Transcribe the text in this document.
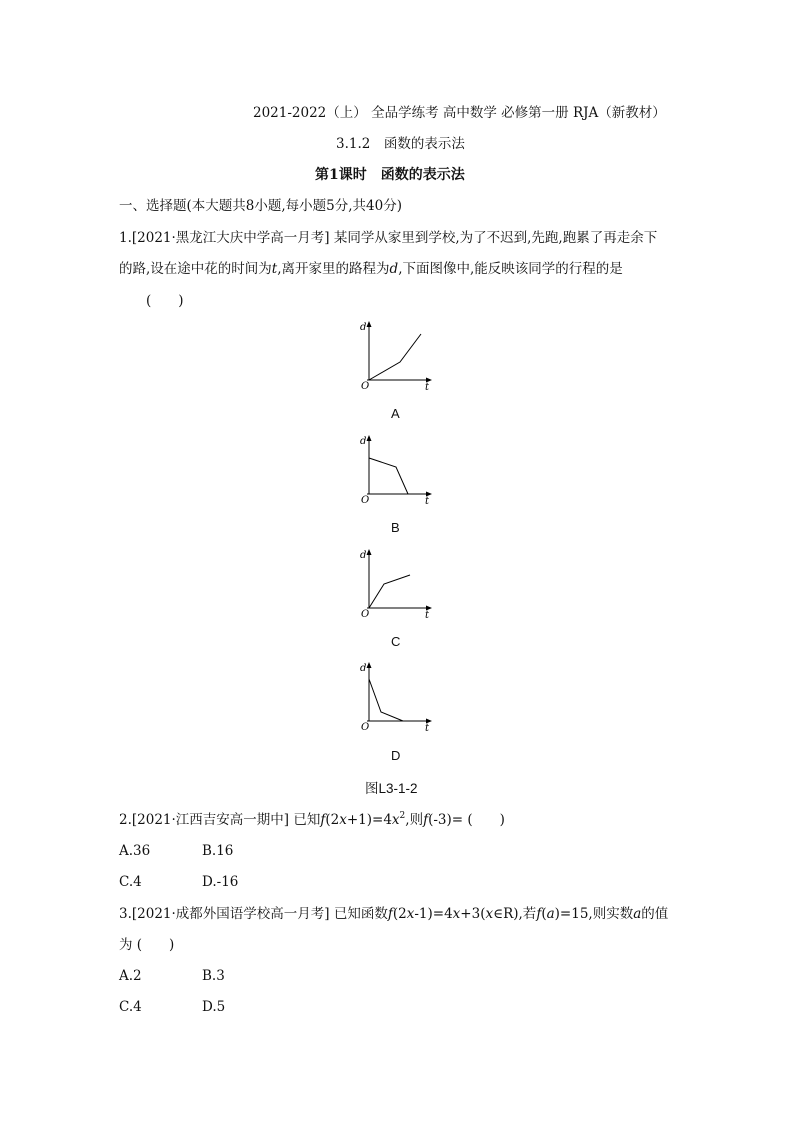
2021-2022（上） 全品学练考 高中数学 必修第一册 RJA（新教材）
3.1.2　函数的表示法
第1课时　函数的表示法
一、选择题(本大题共8小题,每小题5分,共40分)
1.[2021·黑龙江大庆中学高一月考] 某同学从家里到学校,为了不迟到,先跑,跑累了再走余下
的路,设在途中花的时间为t,离开家里的路程为d,下面图像中,能反映该同学的行程的是
(　　)
d
O	t
A
d
O	t
B
d
O	t
C
d
O	t
D
图L3-1-2
2.[2021·江西吉安高一期中] 已知$f(2x+1)=4x^2$,则f(-3)= (　　)
A.36	B.16
C.4	D.-16
3.[2021·成都外国语学校高一月考] 已知函数f(2x-1)=4x+3(x∈R),若f(a)=15,则实数a的值
为 (　　)
A.2	B.3
C.4	D.5
